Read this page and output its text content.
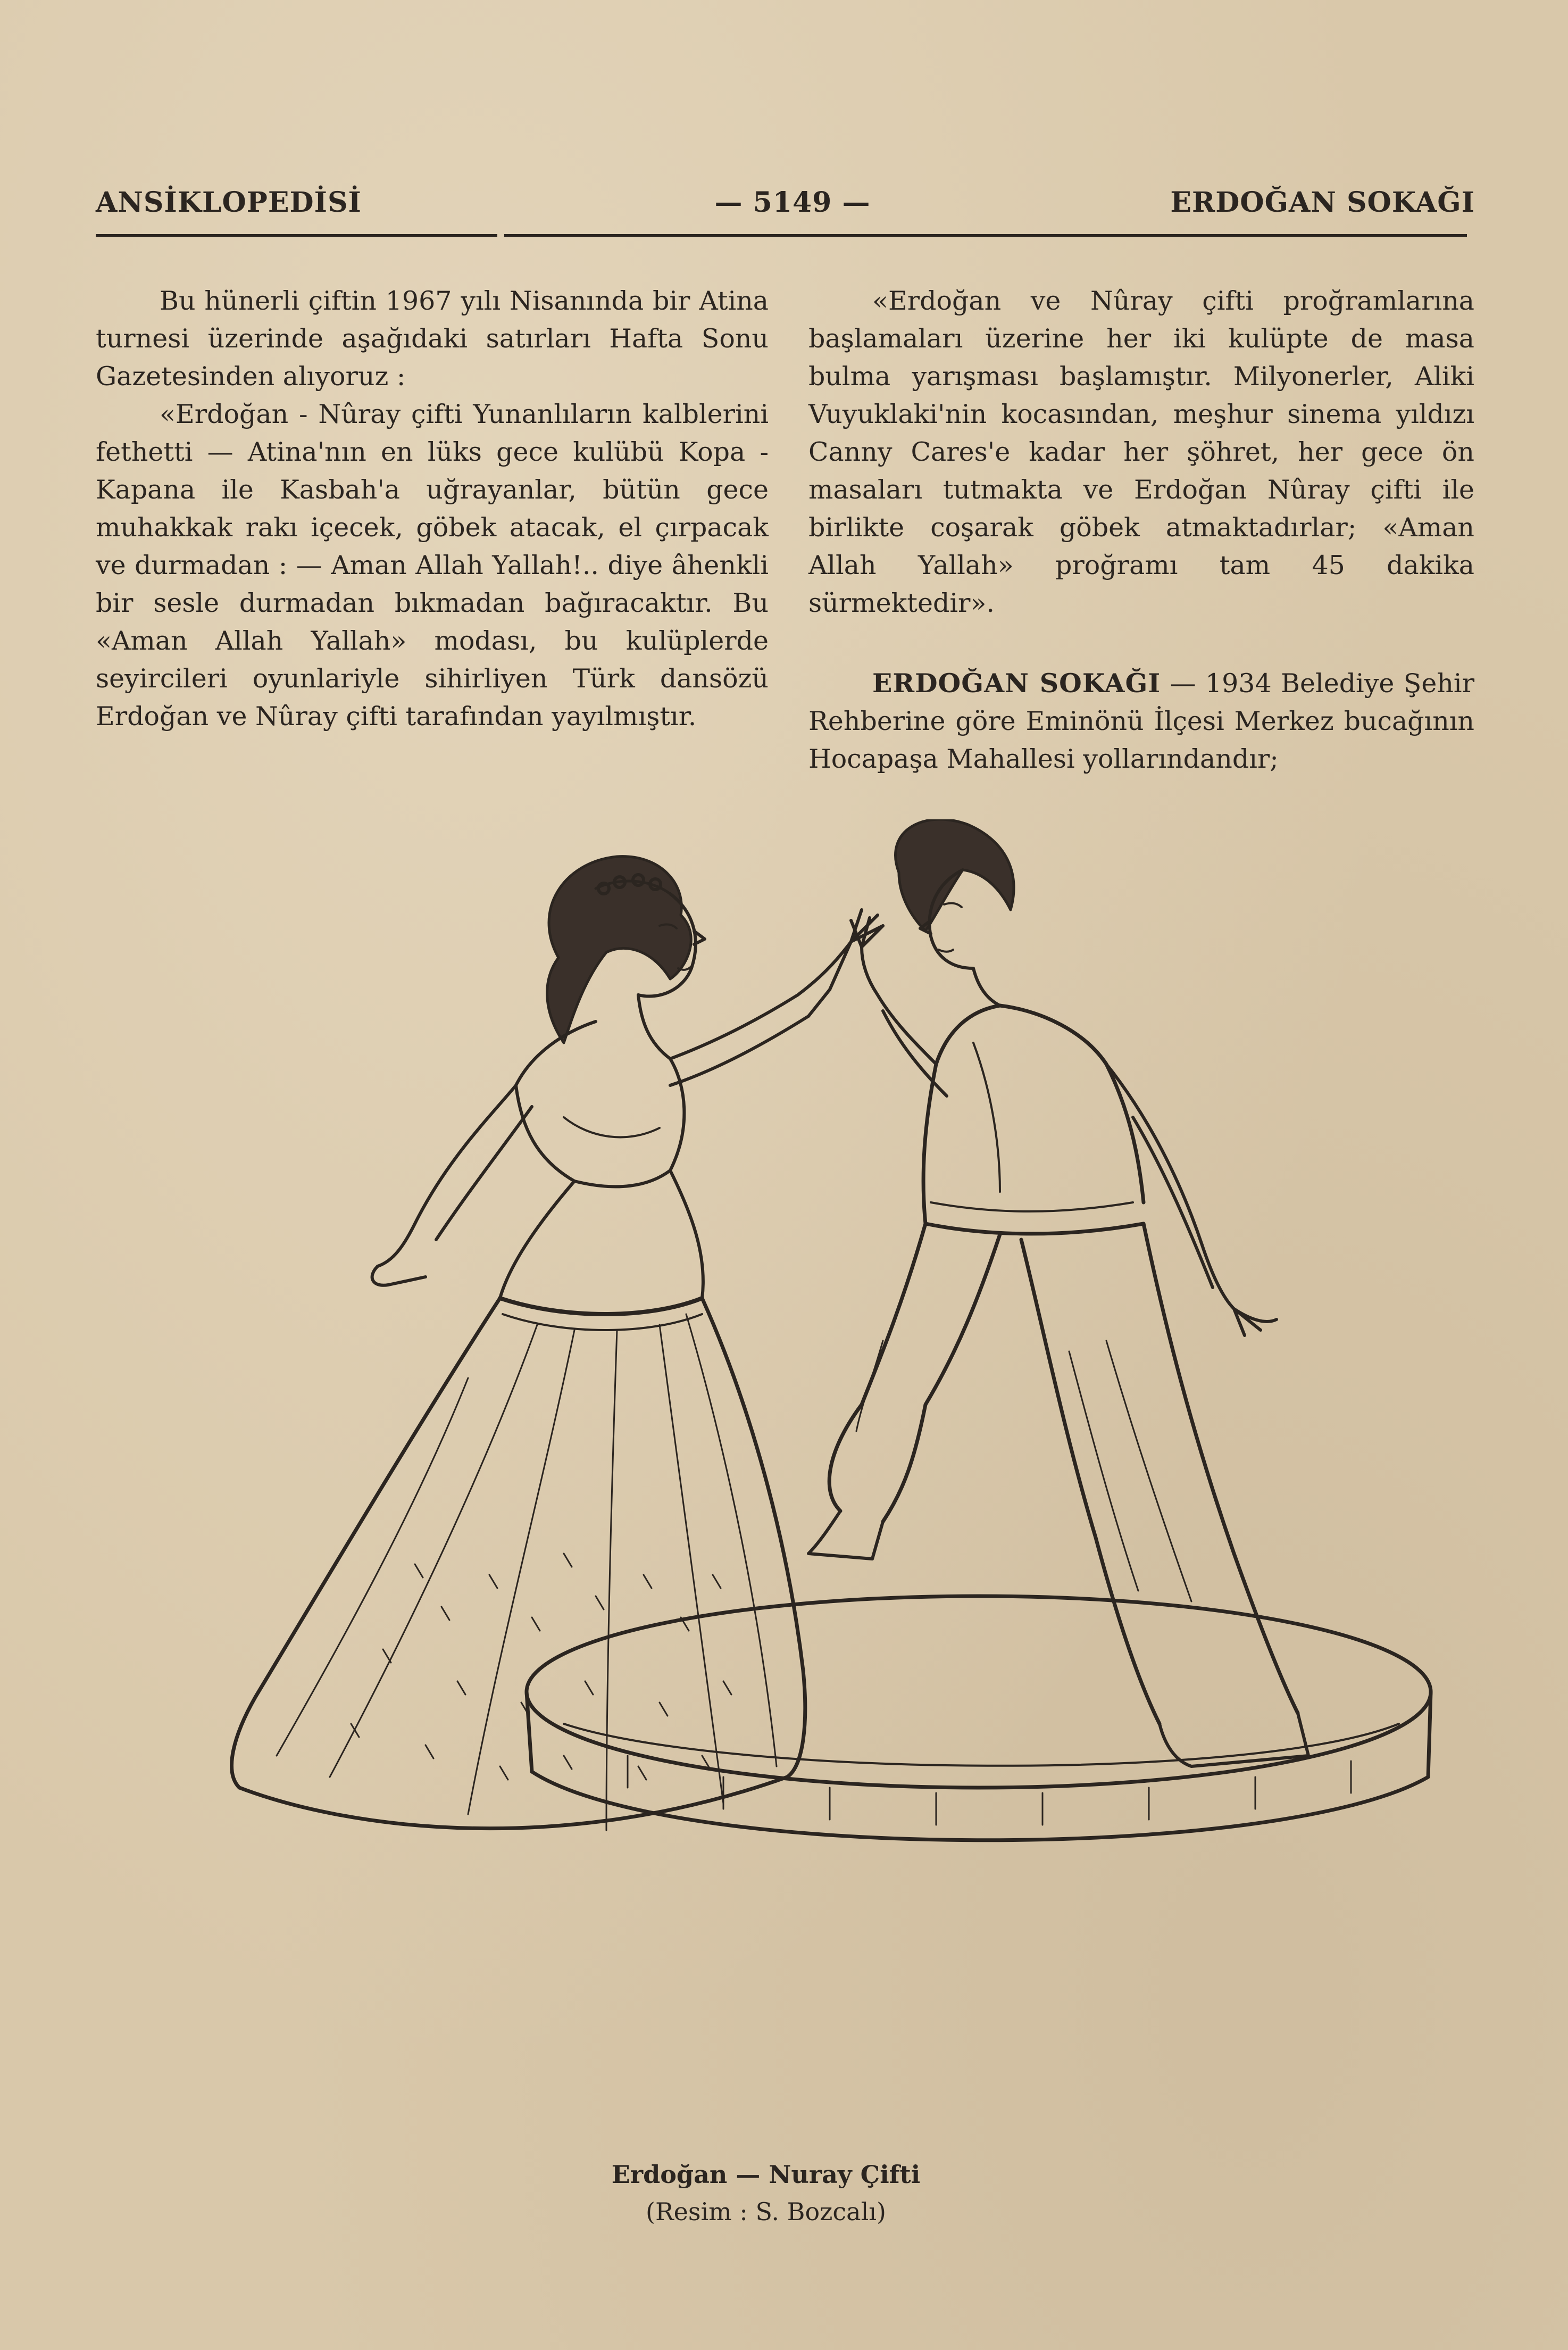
ANSİKLOPEDİSİ	— 5149 —	ERDOĞAN SOKAĞI

Bu hünerli çiftin 1967 yılı Nisanında bir Atina turnesi üzerinde aşağıdaki satırları Hafta Sonu Gazetesinden alıyoruz :

«Erdoğan - Nûray çifti Yunanlıların kalblerini fethetti — Atina'nın en lüks gece kulübü Kopa - Kapana ile Kasbah'a uğrayanlar, bütün gece muhakkak rakı içecek, göbek atacak, el çırpacak ve durmadan : — Aman Allah Yallah!.. diye âhenkli bir sesle durmadan bıkmadan bağıracaktır. Bu «Aman Allah Yallah» modası, bu kulüplerde seyircileri oyunlariyle sihirliyen Türk dansözü Erdoğan ve Nûray çifti tarafından yayılmıştır.

«Erdoğan ve Nûray çifti proğramlarına başlamaları üzerine her iki kulüpte de masa bulma yarışması başlamıştır. Milyonerler, Aliki Vuyuklaki'nin kocasından, meşhur sinema yıldızı Canny Cares'e kadar her şöhret, her gece ön masaları tutmakta ve Erdoğan Nûray çifti ile birlikte coşarak göbek atmaktadırlar; «Aman Allah Yallah» proğramı tam 45 dakika sürmektedir».

ERDOĞAN SOKAĞI — 1934 Belediye Şehir Rehberine göre Eminönü İlçesi Merkez bucağının Hocapaşa Mahallesi yollarındandır;

Erdoğan — Nuray Çifti
(Resim : S. Bozcalı)
